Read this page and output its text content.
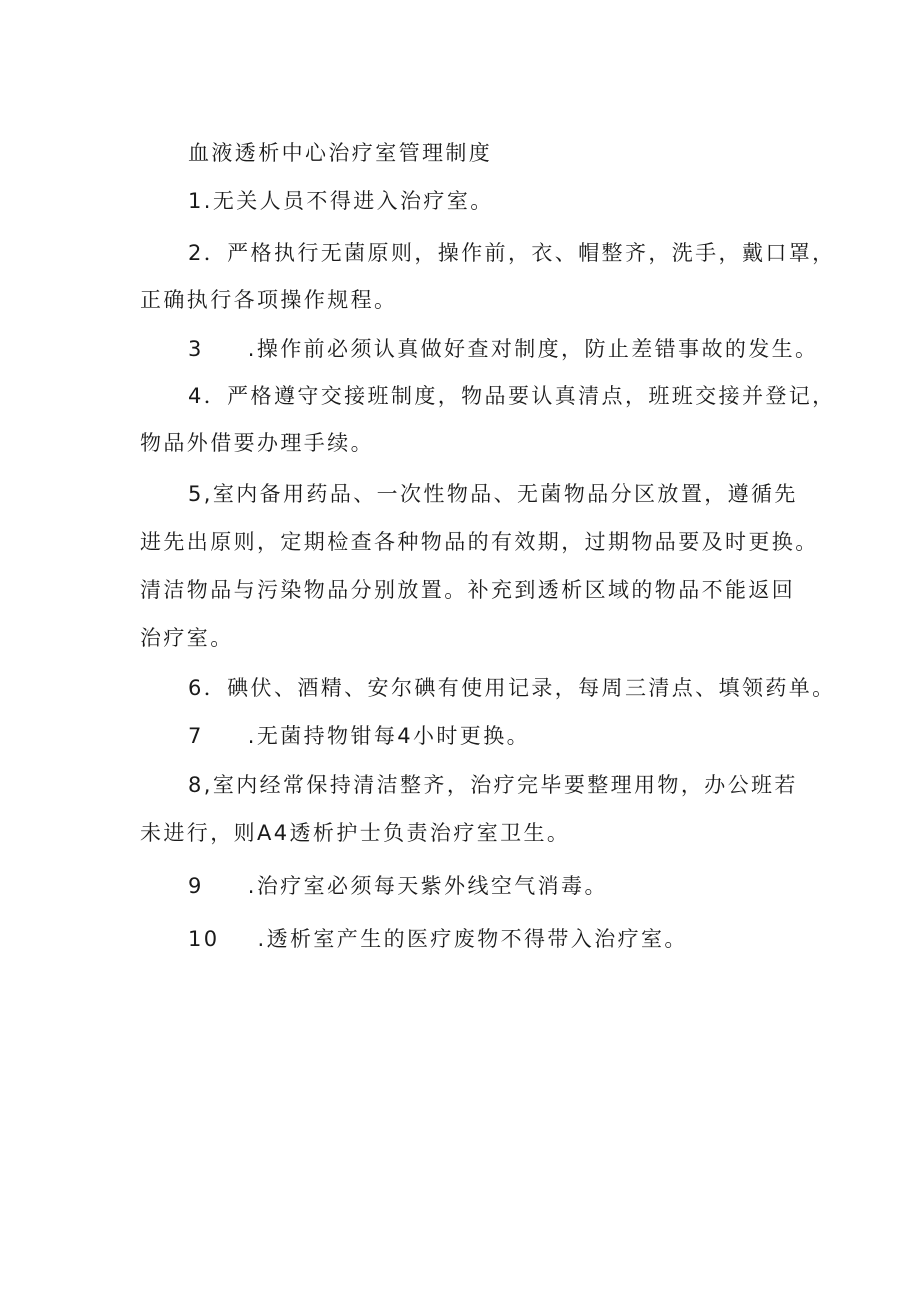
血液透析中心治疗室管理制度
1.无关人员不得进入治疗室。
2．严格执行无菌原则，操作前，衣、帽整齐，洗手，戴口罩，
正确执行各项操作规程。
3 .操作前必须认真做好查对制度，防止差错事故的发生。
4．严格遵守交接班制度，物品要认真清点，班班交接并登记，
物品外借要办理手续。
5,室内备用药品、一次性物品、无菌物品分区放置，遵循先
进先出原则，定期检查各种物品的有效期，过期物品要及时更换。
清洁物品与污染物品分别放置。补充到透析区域的物品不能返回
治疗室。
6．碘伏、酒精、安尔碘有使用记录，每周三清点、填领药单。
7 .无菌持物钳每4小时更换。
8,室内经常保持清洁整齐，治疗完毕要整理用物，办公班若
未进行，则A4透析护士负责治疗室卫生。
9 .治疗室必须每天紫外线空气消毒。
10 .透析室产生的医疗废物不得带入治疗室。
